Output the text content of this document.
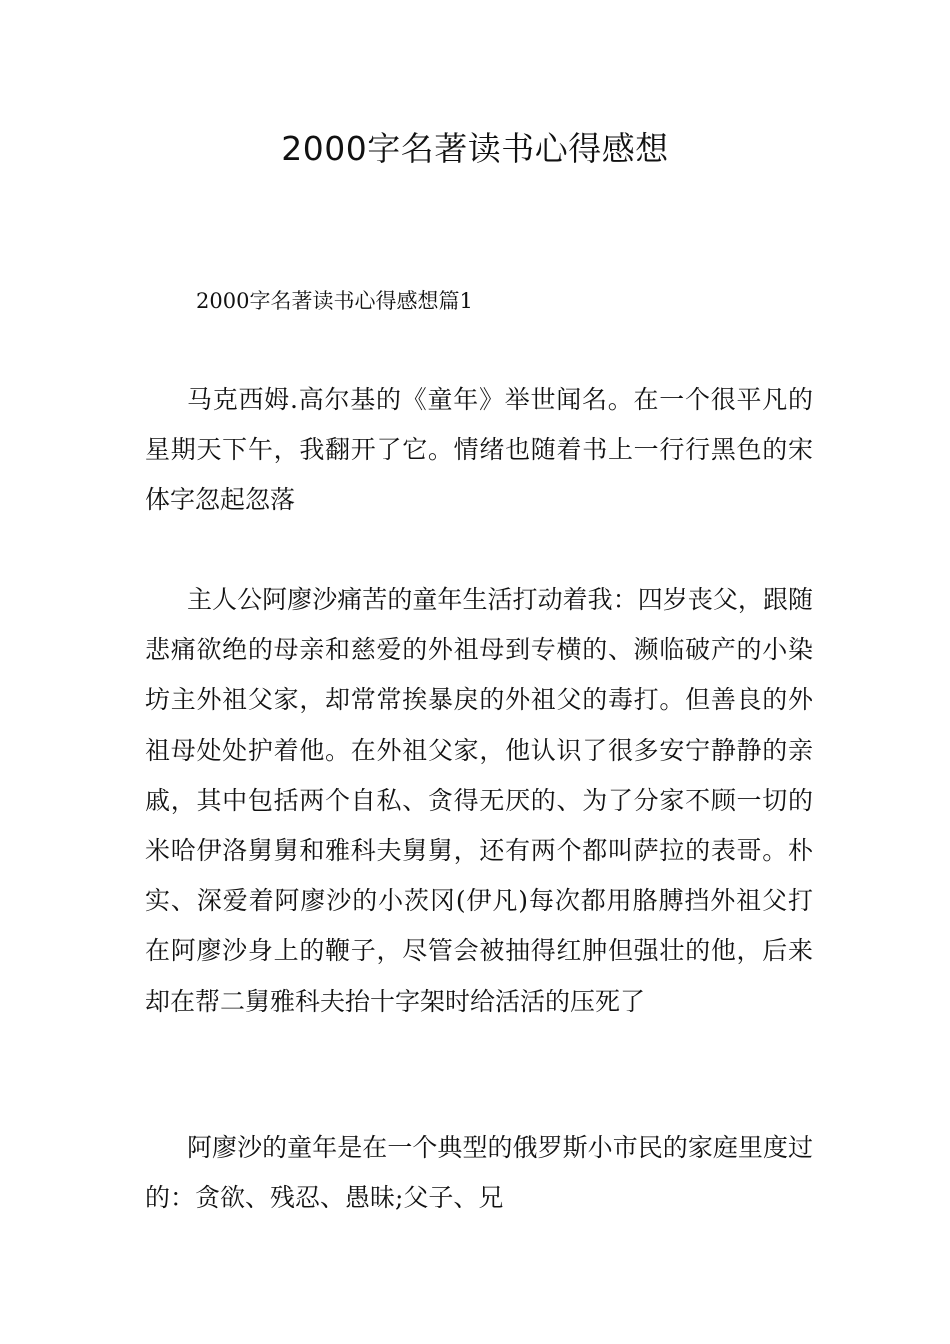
2000字名著读书心得感想

2000字名著读书心得感想篇1

马克西姆.高尔基的《童年》举世闻名。在一个很平凡的星期天下午，我翻开了它。情绪也随着书上一行行黑色的宋体字忽起忽落

主人公阿廖沙痛苦的童年生活打动着我：四岁丧父，跟随悲痛欲绝的母亲和慈爱的外祖母到专横的、濒临破产的小染坊主外祖父家，却常常挨暴戾的外祖父的毒打。但善良的外祖母处处护着他。在外祖父家，他认识了很多安宁静静的亲戚，其中包括两个自私、贪得无厌的、为了分家不顾一切的米哈伊洛舅舅和雅科夫舅舅，还有两个都叫萨拉的表哥。朴实、深爱着阿廖沙的小茨冈(伊凡)每次都用胳膊挡外祖父打在阿廖沙身上的鞭子，尽管会被抽得红肿但强壮的他，后来却在帮二舅雅科夫抬十字架时给活活的压死了

阿廖沙的童年是在一个典型的俄罗斯小市民的家庭里度过的：贪欲、残忍、愚昧;父子、兄
